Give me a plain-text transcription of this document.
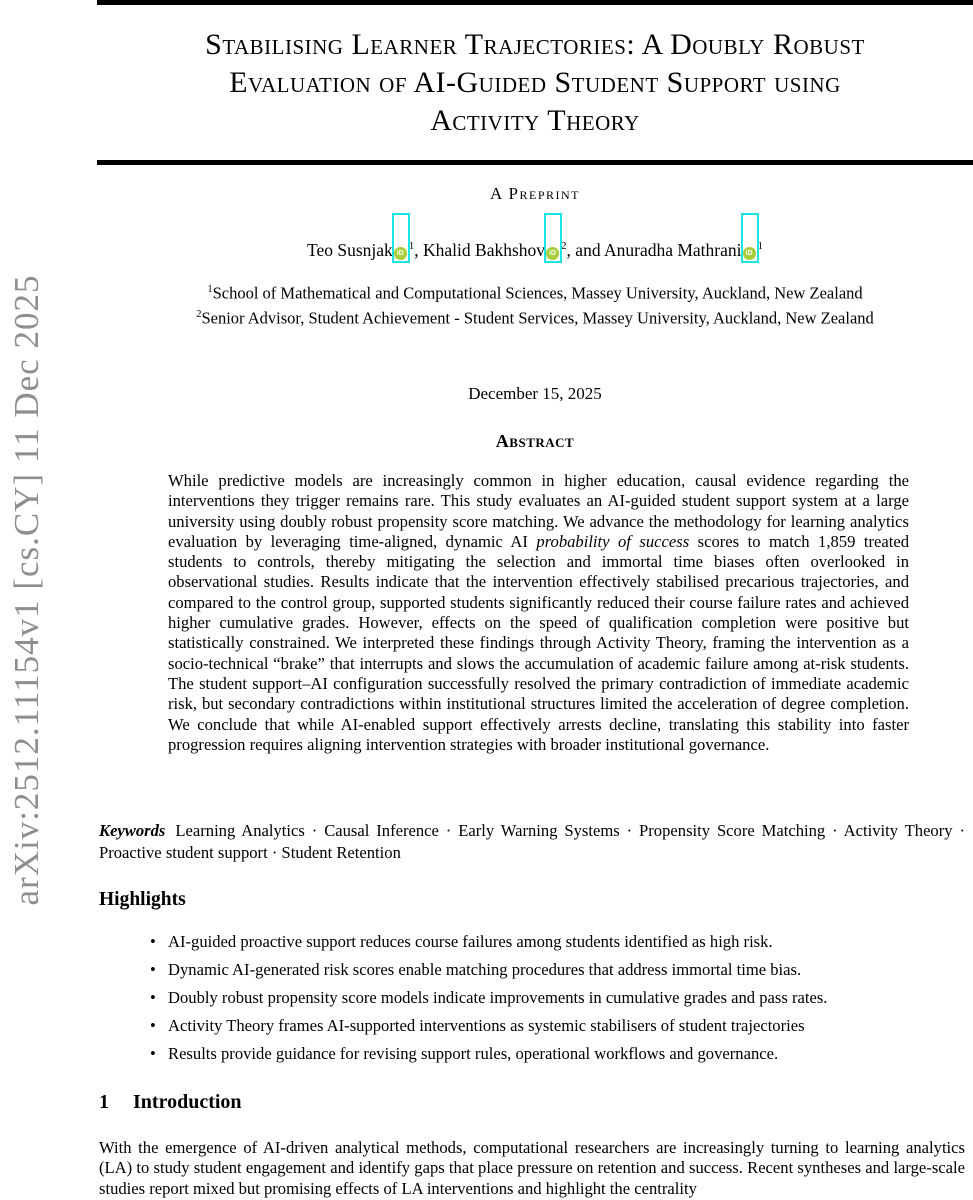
arXiv:2512.11154v1 [cs.CY] 11 Dec 2025
Stabilising Learner Trajectories: A Doubly Robust
Evaluation of AI-Guided Student Support using
Activity Theory
A Preprint
Teo Susnjak iD
$^1$, Khalid Bakhshov iD
$^2$, and Anuradha Mathrani iD
$^1$
$^1$School of Mathematical and Computational Sciences, Massey University, Auckland, New Zealand
$^2$Senior Advisor, Student Achievement - Student Services, Massey University, Auckland, New Zealand
December 15, 2025
Abstract

While predictive models are increasingly common in higher education, causal evidence regarding the interventions they trigger remains rare. This study evaluates an AI-guided student support system at a large university using doubly robust propensity score matching. We advance the methodology for learning analytics evaluation by leveraging time-aligned, dynamic AI probability of success scores to match 1,859 treated students to controls, thereby mitigating the selection and immortal time biases often overlooked in observational studies. Results indicate that the intervention effectively stabilised precarious trajectories, and compared to the control group, supported students significantly reduced their course failure rates and achieved higher cumulative grades. However, effects on the speed of qualification completion were positive but statistically constrained. We interpreted these findings through Activity Theory, framing the intervention as a socio-technical “brake” that interrupts and slows the accumulation of academic failure among at-risk students. The student support–AI configuration successfully resolved the primary contradiction of immediate academic risk, but secondary contradictions within institutional structures limited the acceleration of degree completion. We conclude that while AI-enabled support effectively arrests decline, translating this stability into faster progression requires aligning intervention strategies with broader institutional governance.

Keywords Learning Analytics · Causal Inference · Early Warning Systems · Propensity Score Matching · Activity Theory · Proactive student support · Student Retention

Highlights
• AI-guided proactive support reduces course failures among students identified as high risk.
• Dynamic AI-generated risk scores enable matching procedures that address immortal time bias.
• Doubly robust propensity score models indicate improvements in cumulative grades and pass rates.
• Activity Theory frames AI-supported interventions as systemic stabilisers of student trajectories
• Results provide guidance for revising support rules, operational workflows and governance.
1 Introduction

With the emergence of AI-driven analytical methods, computational researchers are increasingly turning to learning analytics (LA) to study student engagement and identify gaps that place pressure on retention and success. Recent syntheses and large-scale studies report mixed but promising effects of LA interventions and highlight the centrality
